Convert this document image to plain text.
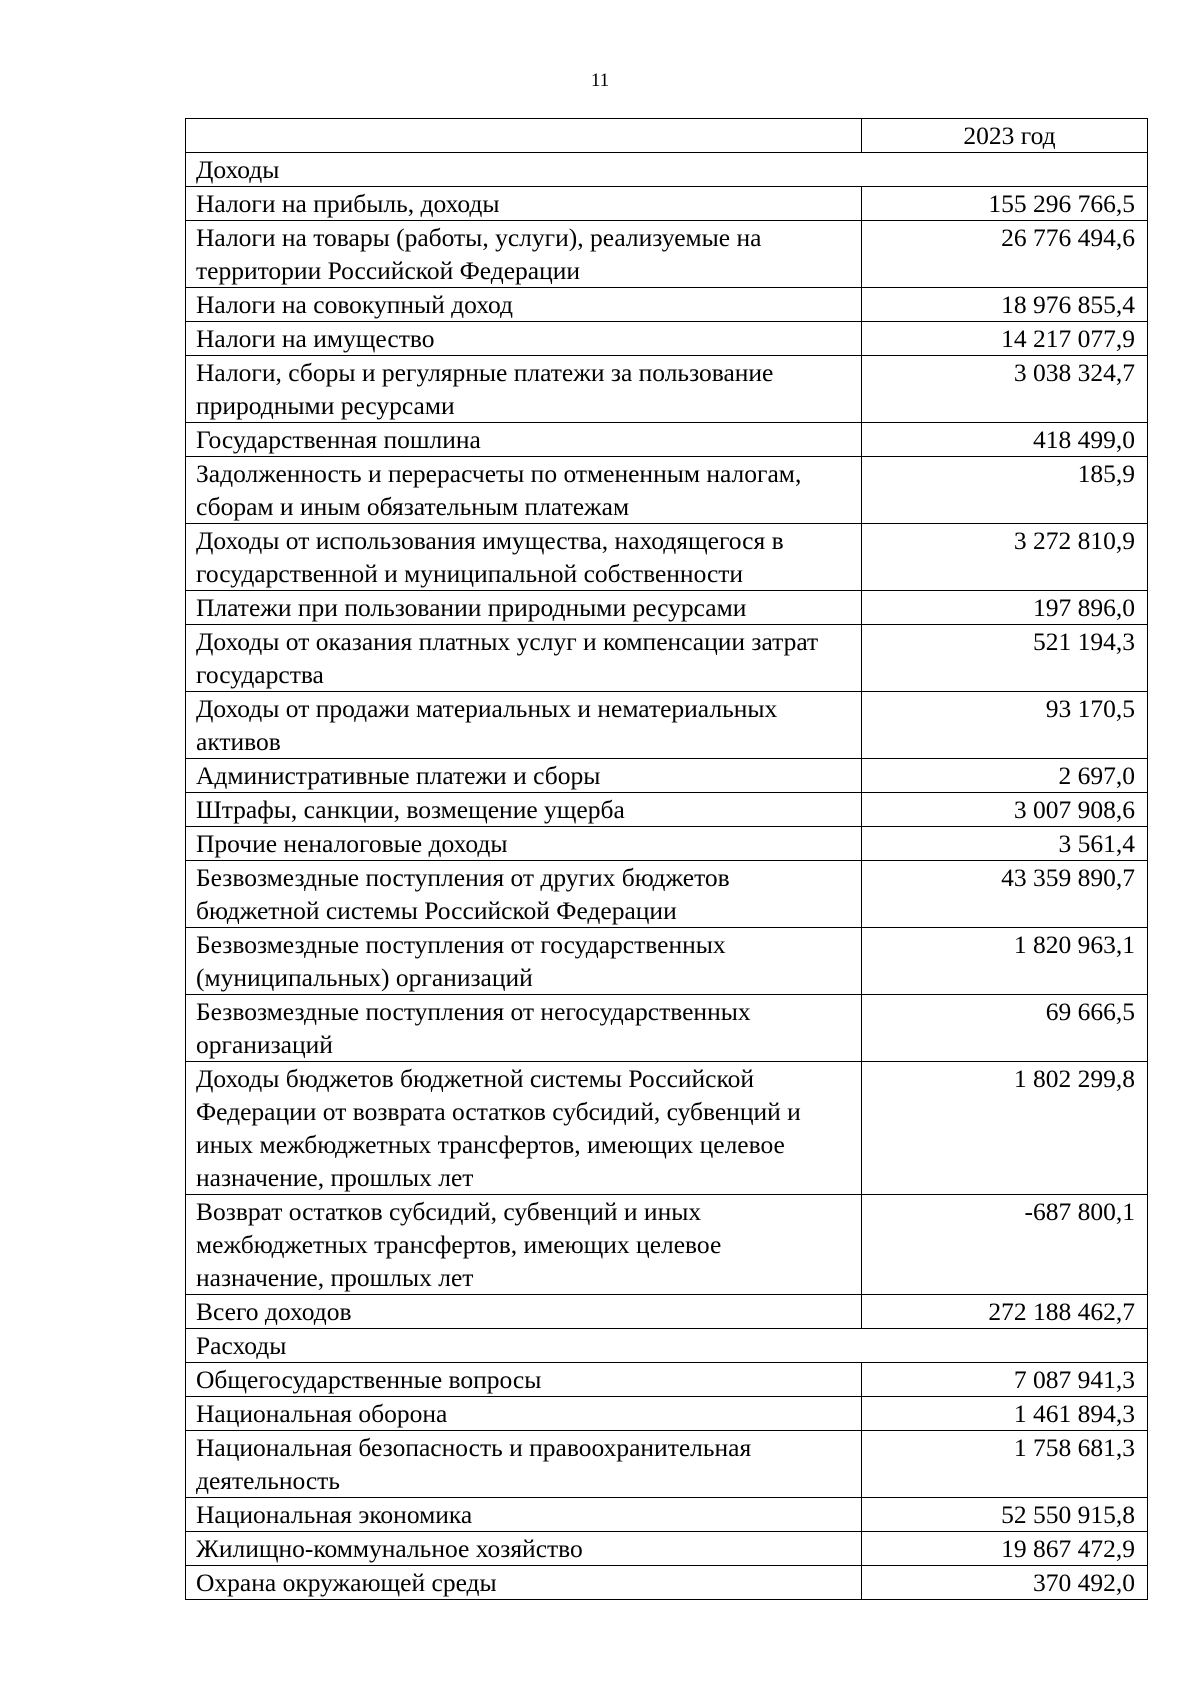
11
	2023 год
Доходы	
Налоги на прибыль, доходы	155 296 766,5
Налоги на товары (работы, услуги), реализуемые на территории Российской Федерации	26 776 494,6
Налоги на совокупный доход	18 976 855,4
Налоги на имущество	14 217 077,9
Налоги, сборы и регулярные платежи за пользование природными ресурсами	3 038 324,7
Государственная пошлина	418 499,0
Задолженность и перерасчеты по отмененным налогам, сборам и иным обязательным платежам	185,9
Доходы от использования имущества, находящегося в государственной и муниципальной собственности	3 272 810,9
Платежи при пользовании природными ресурсами	197 896,0
Доходы от оказания платных услуг и компенсации затрат государства	521 194,3
Доходы от продажи материальных и нематериальных активов	93 170,5
Административные платежи и сборы	2 697,0
Штрафы, санкции, возмещение ущерба	3 007 908,6
Прочие неналоговые доходы	3 561,4
Безвозмездные поступления от других бюджетов бюджетной системы Российской Федерации	43 359 890,7
Безвозмездные поступления от государственных (муниципальных) организаций	1 820 963,1
Безвозмездные поступления от негосударственных организаций	69 666,5
Доходы бюджетов бюджетной системы Российской Федерации от возврата остатков субсидий, субвенций и иных межбюджетных трансфертов, имеющих целевое назначение, прошлых лет	1 802 299,8
Возврат остатков субсидий, субвенций и иных межбюджетных трансфертов, имеющих целевое назначение, прошлых лет	-687 800,1
Всего доходов	272 188 462,7
Расходы	
Общегосударственные вопросы	7 087 941,3
Национальная оборона	1 461 894,3
Национальная безопасность и правоохранительная деятельность	1 758 681,3
Национальная экономика	52 550 915,8
Жилищно-коммунальное хозяйство	19 867 472,9
Охрана окружающей среды	370 492,0
